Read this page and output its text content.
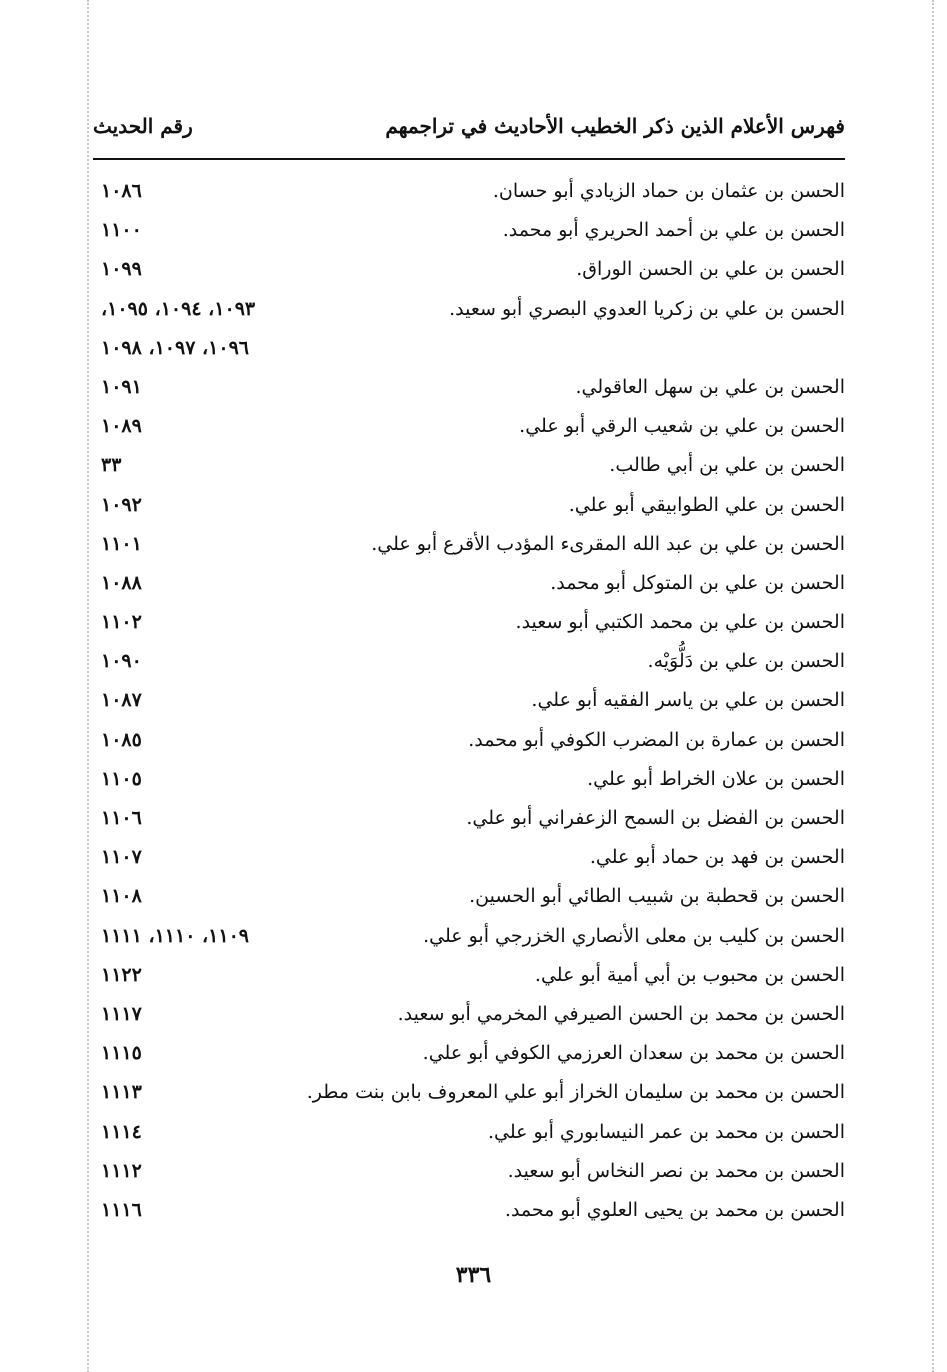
فهرس الأعلام الذين ذكر الخطيب الأحاديث في تراجمهم
رقم الحديث
الحسن بن عثمان بن حماد الزيادي أبو حسان.
١٠٨٦
الحسن بن علي بن أحمد الحريري أبو محمد.
١١٠٠
الحسن بن علي بن الحسن الوراق.
١٠٩٩
الحسن بن علي بن زكريا العدوي البصري أبو سعيد.
١٠٩٣، ١٠٩٤، ١٠٩٥،
١٠٩٦، ١٠٩٧، ١٠٩٨
الحسن بن علي بن سهل العاقولي.
١٠٩١
الحسن بن علي بن شعيب الرقي أبو علي.
١٠٨٩
الحسن بن علي بن أبي طالب.
٣٣
الحسن بن علي الطوابيقي أبو علي.
١٠٩٢
الحسن بن علي بن عبد الله المقرىء المؤدب الأقرع أبو علي.
١١٠١
الحسن بن علي بن المتوكل أبو محمد.
١٠٨٨
الحسن بن علي بن محمد الكتبي أبو سعيد.
١١٠٢
الحسن بن علي بن دَلُّوَيْه.
١٠٩٠
الحسن بن علي بن ياسر الفقيه أبو علي.
١٠٨٧
الحسن بن عمارة بن المضرب الكوفي أبو محمد.
١٠٨٥
الحسن بن علان الخراط أبو علي.
١١٠٥
الحسن بن الفضل بن السمح الزعفراني أبو علي.
١١٠٦
الحسن بن فهد بن حماد أبو علي.
١١٠٧
الحسن بن قحطبة بن شبيب الطائي أبو الحسين.
١١٠٨
الحسن بن كليب بن معلى الأنصاري الخزرجي أبو علي.
١١٠٩، ١١١٠، ١١١١
الحسن بن محبوب بن أبي أمية أبو علي.
١١٢٢
الحسن بن محمد بن الحسن الصيرفي المخرمي أبو سعيد.
١١١٧
الحسن بن محمد بن سعدان العرزمي الكوفي أبو علي.
١١١٥
الحسن بن محمد بن سليمان الخراز أبو علي المعروف بابن بنت مطر.
١١١٣
الحسن بن محمد بن عمر النيسابوري أبو علي.
١١١٤
الحسن بن محمد بن نصر النخاس أبو سعيد.
١١١٢
الحسن بن محمد بن يحيى العلوي أبو محمد.
١١١٦
٣٣٦
